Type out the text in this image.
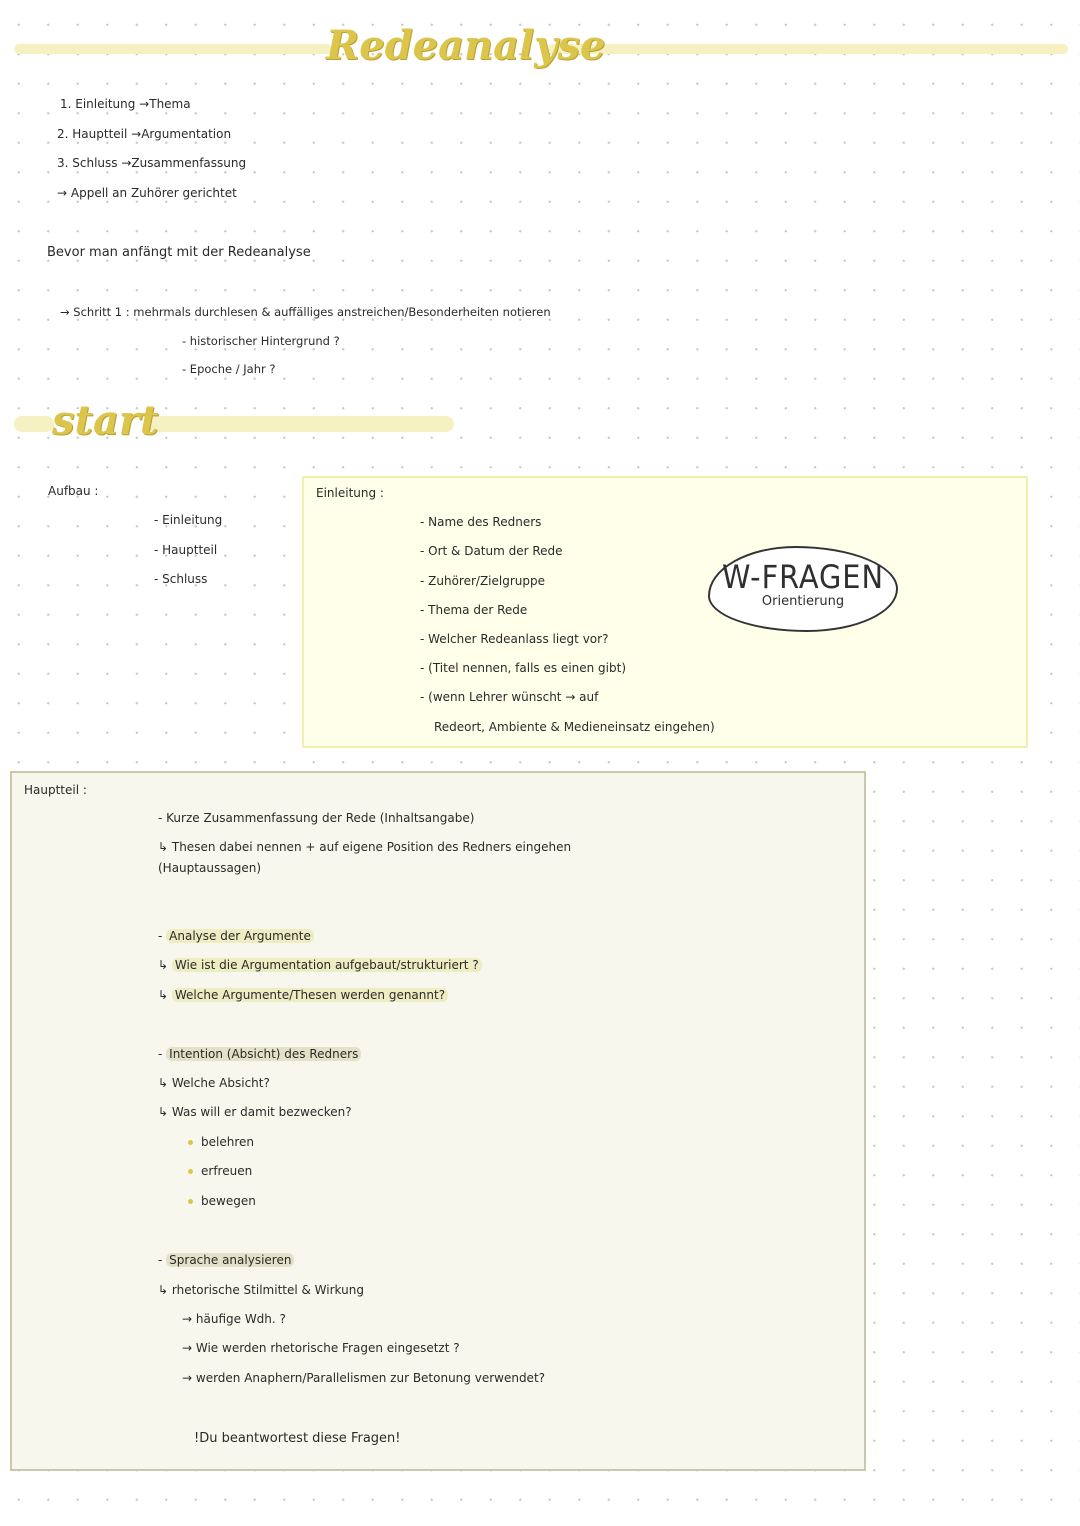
Redeanalyse
1. Einleitung →Thema
2. Hauptteil →Argumentation
3. Schluss →Zusammenfassung
→ Appell an Zuhörer gerichtet
Bevor man anfängt mit der Redeanalyse
→ Schritt 1 : mehrmals durchlesen & auffälliges anstreichen/Besonderheiten notieren
- historischer Hintergrund ?
- Epoche / Jahr ?
start
Aufbau :
- Einleitung
- Hauptteil
- Schluss
Einleitung :
- Name des Redners
- Ort & Datum der Rede
- Zuhörer/Zielgruppe
- Thema der Rede
- Welcher Redeanlass liegt vor?
- (Titel nennen, falls es einen gibt)
- (wenn Lehrer wünscht → auf
Redeort, Ambiente & Medieneinsatz eingehen)
W-FRAGEN
Orientierung
Hauptteil :
- Kurze Zusammenfassung der Rede (Inhaltsangabe)
↳ Thesen dabei nennen + auf eigene Position des Redners eingehen
(Hauptaussagen)
- Analyse der Argumente
↳ Wie ist die Argumentation aufgebaut/strukturiert ?
↳ Welche Argumente/Thesen werden genannt?
- Intention (Absicht) des Redners
↳ Welche Absicht?
↳ Was will er damit bezwecken?
belehren
erfreuen
bewegen
- Sprache analysieren
↳ rhetorische Stilmittel & Wirkung
→ häufige Wdh. ?
→ Wie werden rhetorische Fragen eingesetzt ?
→ werden Anaphern/Parallelismen zur Betonung verwendet?
!Du beantwortest diese Fragen!
